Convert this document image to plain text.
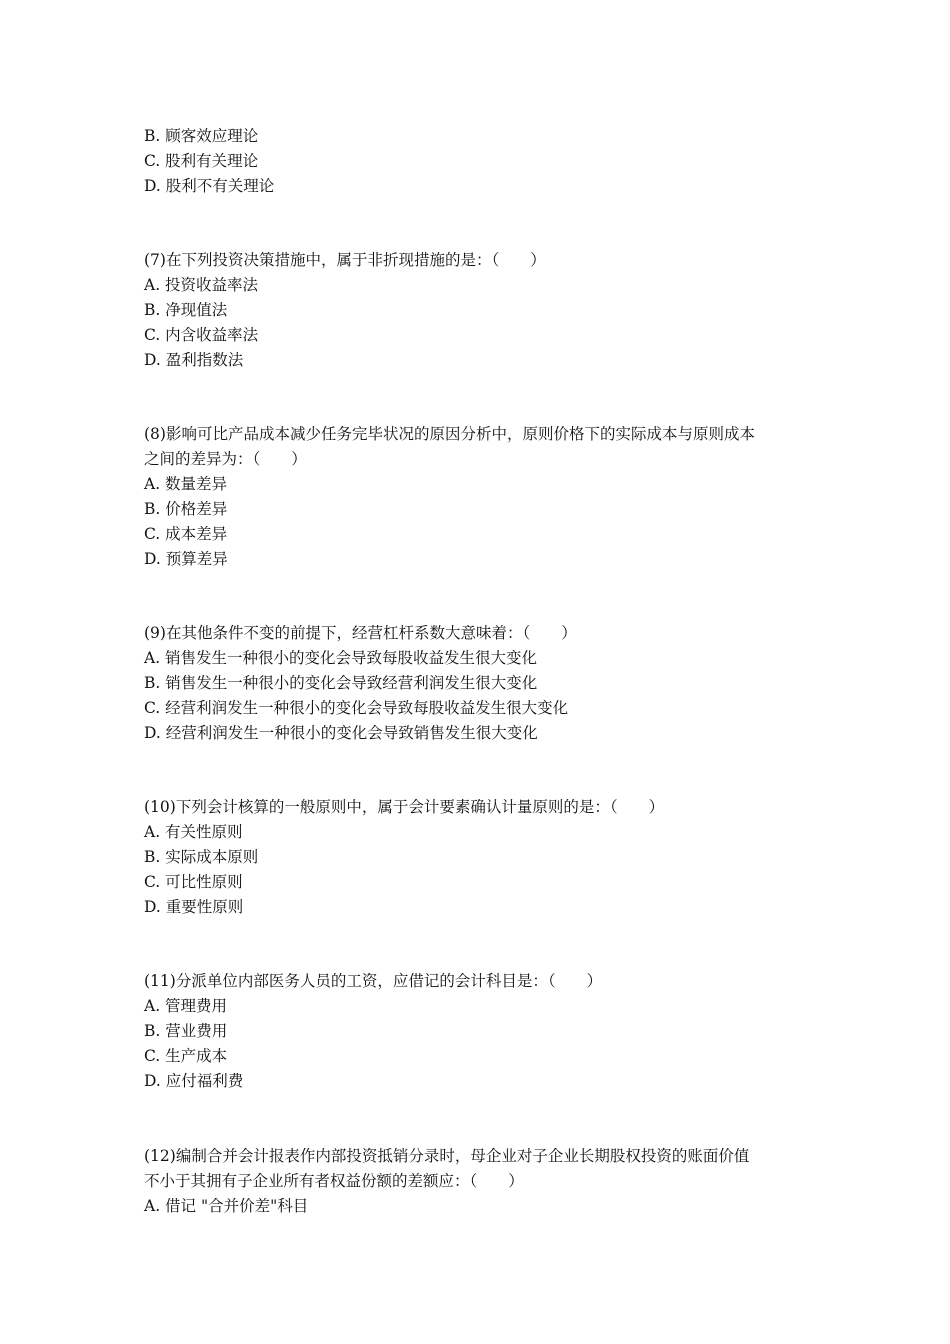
B. 顾客效应理论
C. 股利有关理论
D. 股利不有关理论
(7)在下列投资决策措施中，属于非折现措施的是：（　　）
A. 投资收益率法
B. 净现值法
C. 内含收益率法
D. 盈利指数法
(8)影响可比产品成本减少任务完毕状况的原因分析中，原则价格下的实际成本与原则成本
之间的差异为：（　　）
A. 数量差异
B. 价格差异
C. 成本差异
D. 预算差异
(9)在其他条件不变的前提下，经营杠杆系数大意味着：（　　）
A. 销售发生一种很小的变化会导致每股收益发生很大变化
B. 销售发生一种很小的变化会导致经营利润发生很大变化
C. 经营利润发生一种很小的变化会导致每股收益发生很大变化
D. 经营利润发生一种很小的变化会导致销售发生很大变化
(10)下列会计核算的一般原则中，属于会计要素确认计量原则的是：（　　）
A. 有关性原则
B. 实际成本原则
C. 可比性原则
D. 重要性原则
(11)分派单位内部医务人员的工资，应借记的会计科目是：（　　）
A. 管理费用
B. 营业费用
C. 生产成本
D. 应付福利费
(12)编制合并会计报表作内部投资抵销分录时，母企业对子企业长期股权投资的账面价值
不小于其拥有子企业所有者权益份额的差额应：（　　）
A. 借记 "合并价差"科目
